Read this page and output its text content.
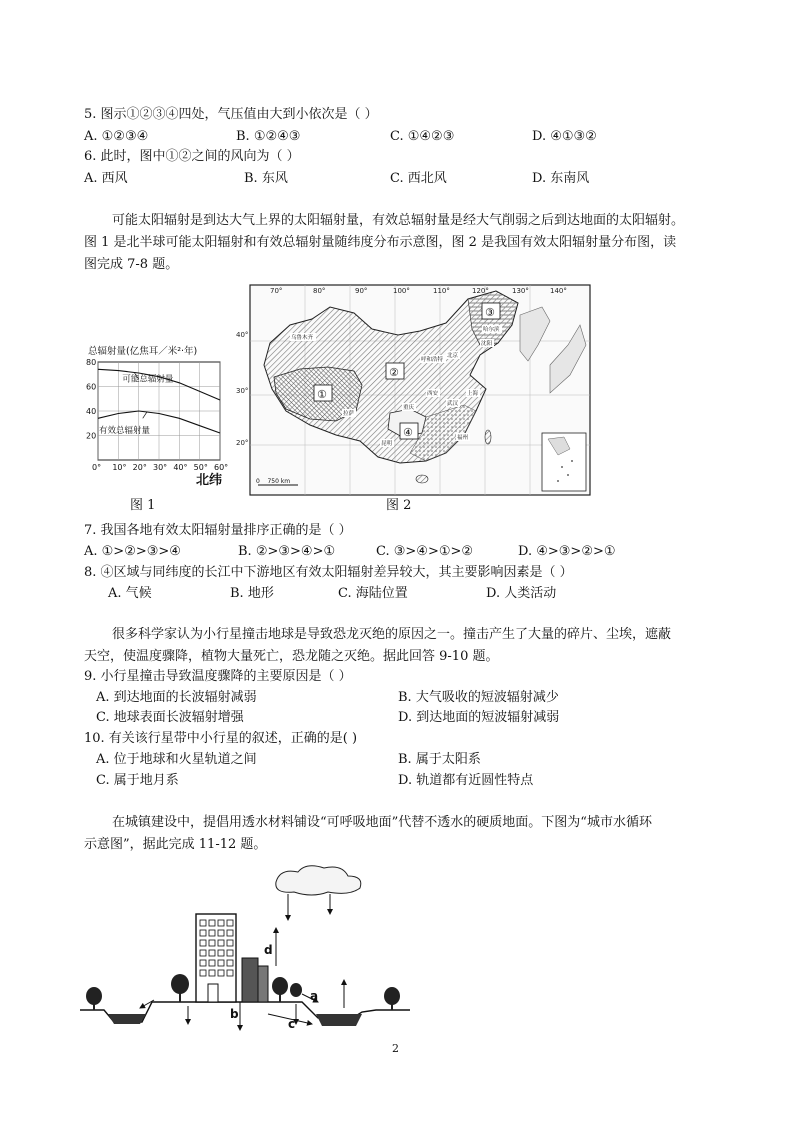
5. 图示①②③④四处，气压值由大到小依次是（ ）
A. ①②③④	B. ①②④③	C. ①④②③	D. ④①③②
6. 此时，图中①②之间的风向为（ ）
A. 西风	B. 东风	C. 西北风	D. 东南风
可能太阳辐射是到达大气上界的太阳辐射量，有效总辐射量是经大气削弱之后到达地面的太阳辐射。
图 1 是北半球可能太阳辐射和有效总辐射量随纬度分布示意图，图 2 是我国有效太阳辐射量分布图，读
图完成 7-8 题。
总辐射量(亿焦耳／米²·年)
可能总辐射量
有效总辐射量
80
60
40
20
0° 10° 20° 30° 40° 50° 60°
北纬
图 1
70°	80°	90°	100°	110°	120°	130°	140°
40°
30°
20°
①
②
③
④
乌鲁木齐
呼和浩特
北京
西安	上海
武汉
重庆
昆明
福州
哈尔滨
沈阳
拉萨
0    750 km
图 2
7. 我国各地有效太阳辐射量排序正确的是（ ）
A. ①>②>③>④	B. ②>③>④>①	C. ③>④>①>②	D. ④>③>②>①
8. ④区域与同纬度的长江中下游地区有效太阳辐射差异较大，其主要影响因素是（ ）
A. 气候	B. 地形	C. 海陆位置	D. 人类活动
很多科学家认为小行星撞击地球是导致恐龙灭绝的原因之一。撞击产生了大量的碎片、尘埃，遮蔽
天空，使温度骤降，植物大量死亡，恐龙随之灭绝。据此回答 9-10 题。
9. 小行星撞击导致温度骤降的主要原因是（ ）
A. 到达地面的长波辐射减弱	B. 大气吸收的短波辐射减少
C. 地球表面长波辐射增强	D. 到达地面的短波辐射减弱
10. 有关该行星带中小行星的叙述，正确的是( )
A. 位于地球和火星轨道之间	B. 属于太阳系
C. 属于地月系	D. 轨道都有近圆性特点
在城镇建设中，提倡用透水材料铺设“可呼吸地面”代替不透水的硬质地面。下图为“城市水循环
示意图”，据此完成 11-12 题。
a
b
c
d
2
